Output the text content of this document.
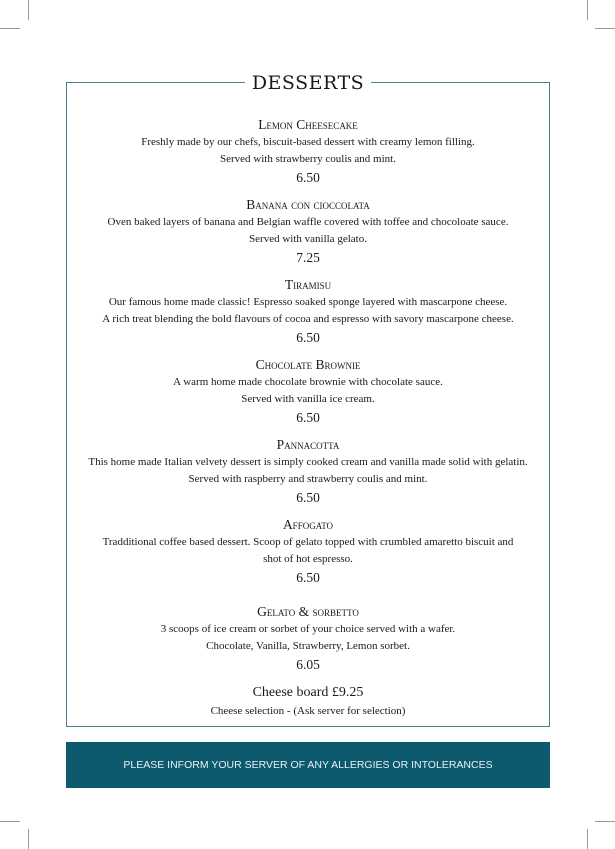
DESSERTS
Lemon Cheesecake
Freshly made by our chefs, biscuit-based dessert with creamy lemon filling.
Served with strawberry coulis and mint.
6.50
Banana con cioccolata
Oven baked layers of banana and Belgian waffle covered with toffee and chocoloate sauce.
Served with vanilla gelato.
7.25
Tiramisu
Our famous home made classic! Espresso soaked sponge layered with mascarpone cheese.
A rich treat blending the bold flavours of cocoa and espresso with savory mascarpone cheese.
6.50
Chocolate Brownie
A warm home made chocolate brownie with chocolate sauce.
Served with vanilla ice cream.
6.50
Pannacotta
This home made Italian velvety dessert is simply cooked cream and vanilla made solid with gelatin.
Served with raspberry and strawberry coulis and mint.
6.50
Affogato
Tradditional coffee based dessert. Scoop of gelato topped with crumbled amaretto biscuit and
shot of hot espresso.
6.50
Gelato & sorbetto
3 scoops of ice cream or sorbet of your choice served with a wafer.
Chocolate, Vanilla, Strawberry, Lemon sorbet.
6.05
Cheese board £9.25
Cheese selection - (Ask server for selection)
PLEASE INFORM YOUR SERVER OF ANY ALLERGIES OR INTOLERANCES
